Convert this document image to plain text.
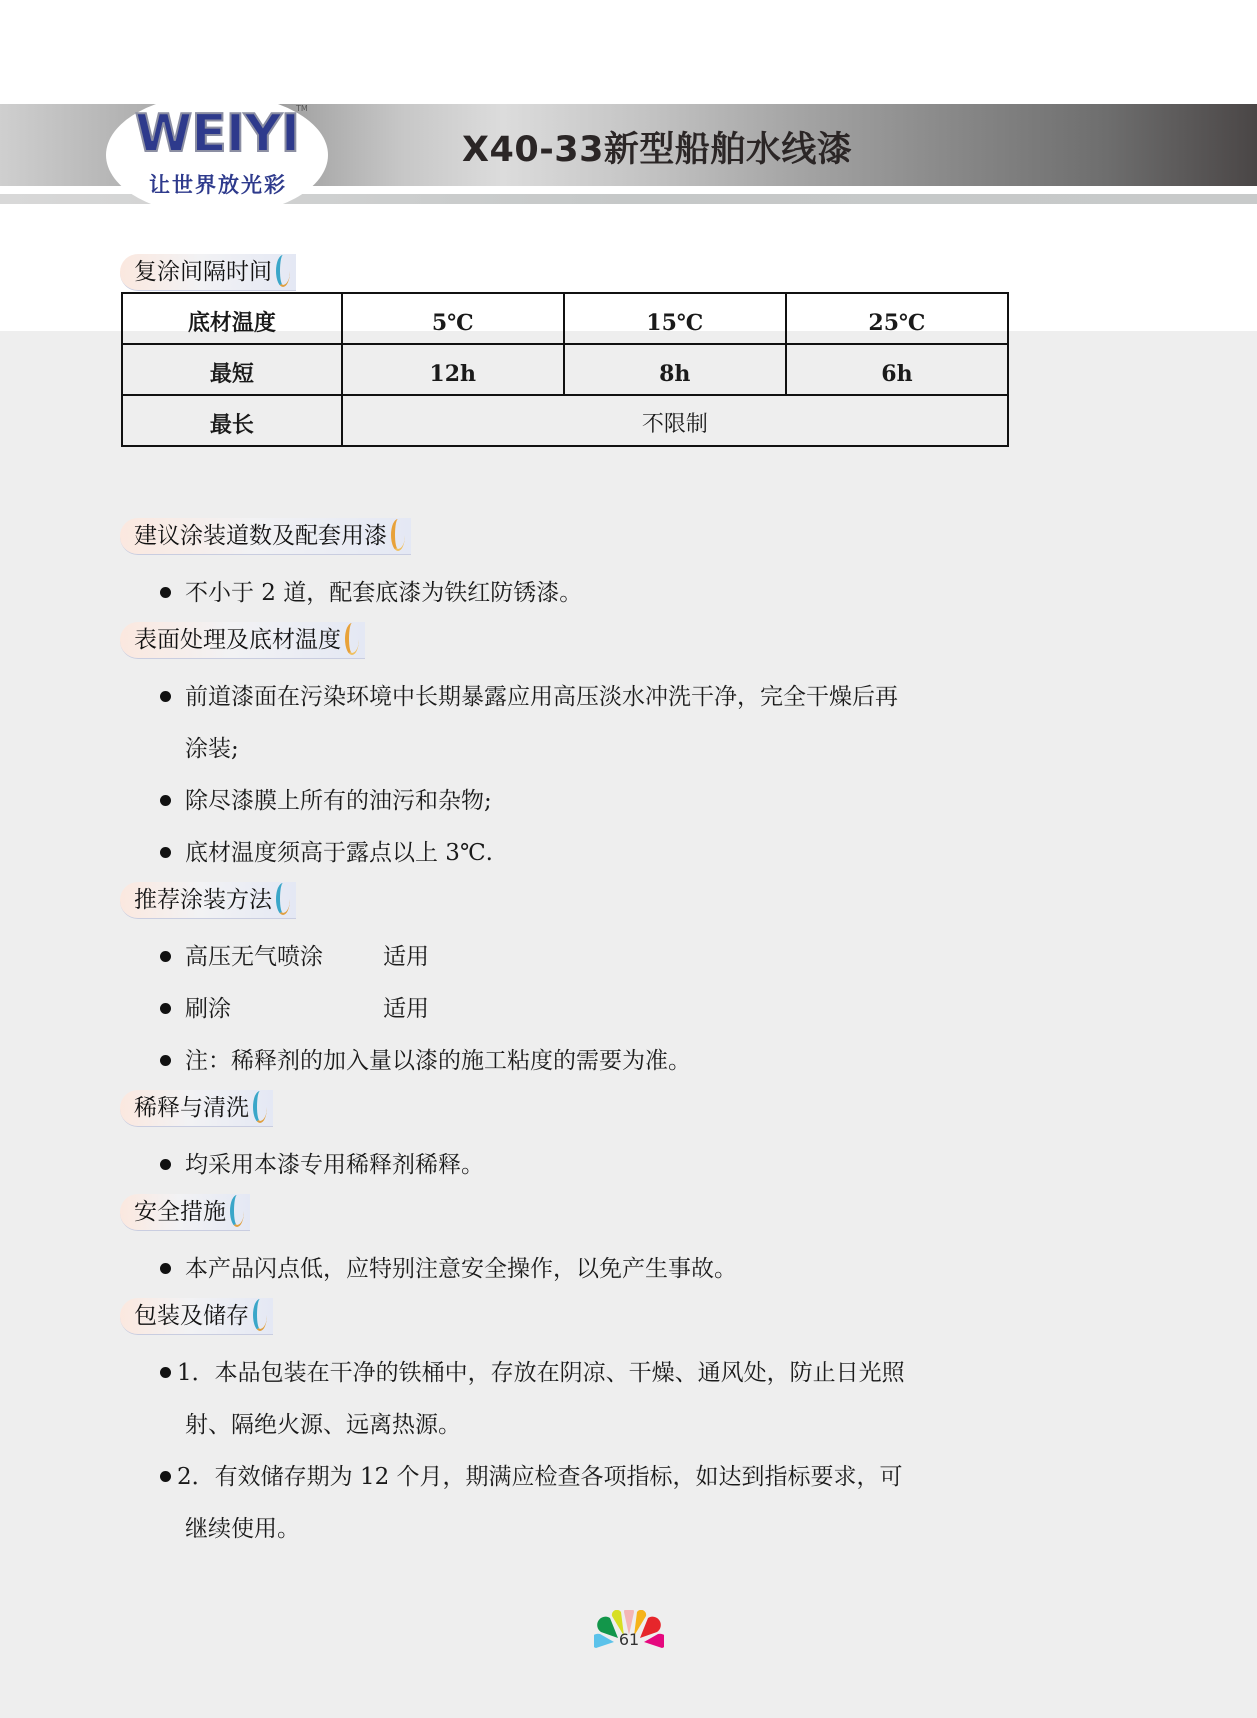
WEIYI
TM
让世界放光彩
X40-33新型船舶水线漆
复涂间隔时间
底材温度	5℃	15℃	25℃
最短	12h	8h	6h
最长	不限制		
建议涂装道数及配套用漆
不小于 2 道，配套底漆为铁红防锈漆。
表面处理及底材温度
前道漆面在污染环境中长期暴露应用高压淡水冲洗干净，完全干燥后再
涂装;
除尽漆膜上所有的油污和杂物;
底材温度须高于露点以上 3℃.
推荐涂装方法
高压无气喷涂	适用
刷涂	适用
注：稀释剂的加入量以漆的施工粘度的需要为准。
稀释与清洗
均采用本漆专用稀释剂稀释。
安全措施
本产品闪点低，应特别注意安全操作，以免产生事故。
包装及储存
1．本品包装在干净的铁桶中，存放在阴凉、干燥、通风处，防止日光照
射、隔绝火源、远离热源。
2．有效储存期为 12 个月，期满应检查各项指标，如达到指标要求，可
继续使用。
61
